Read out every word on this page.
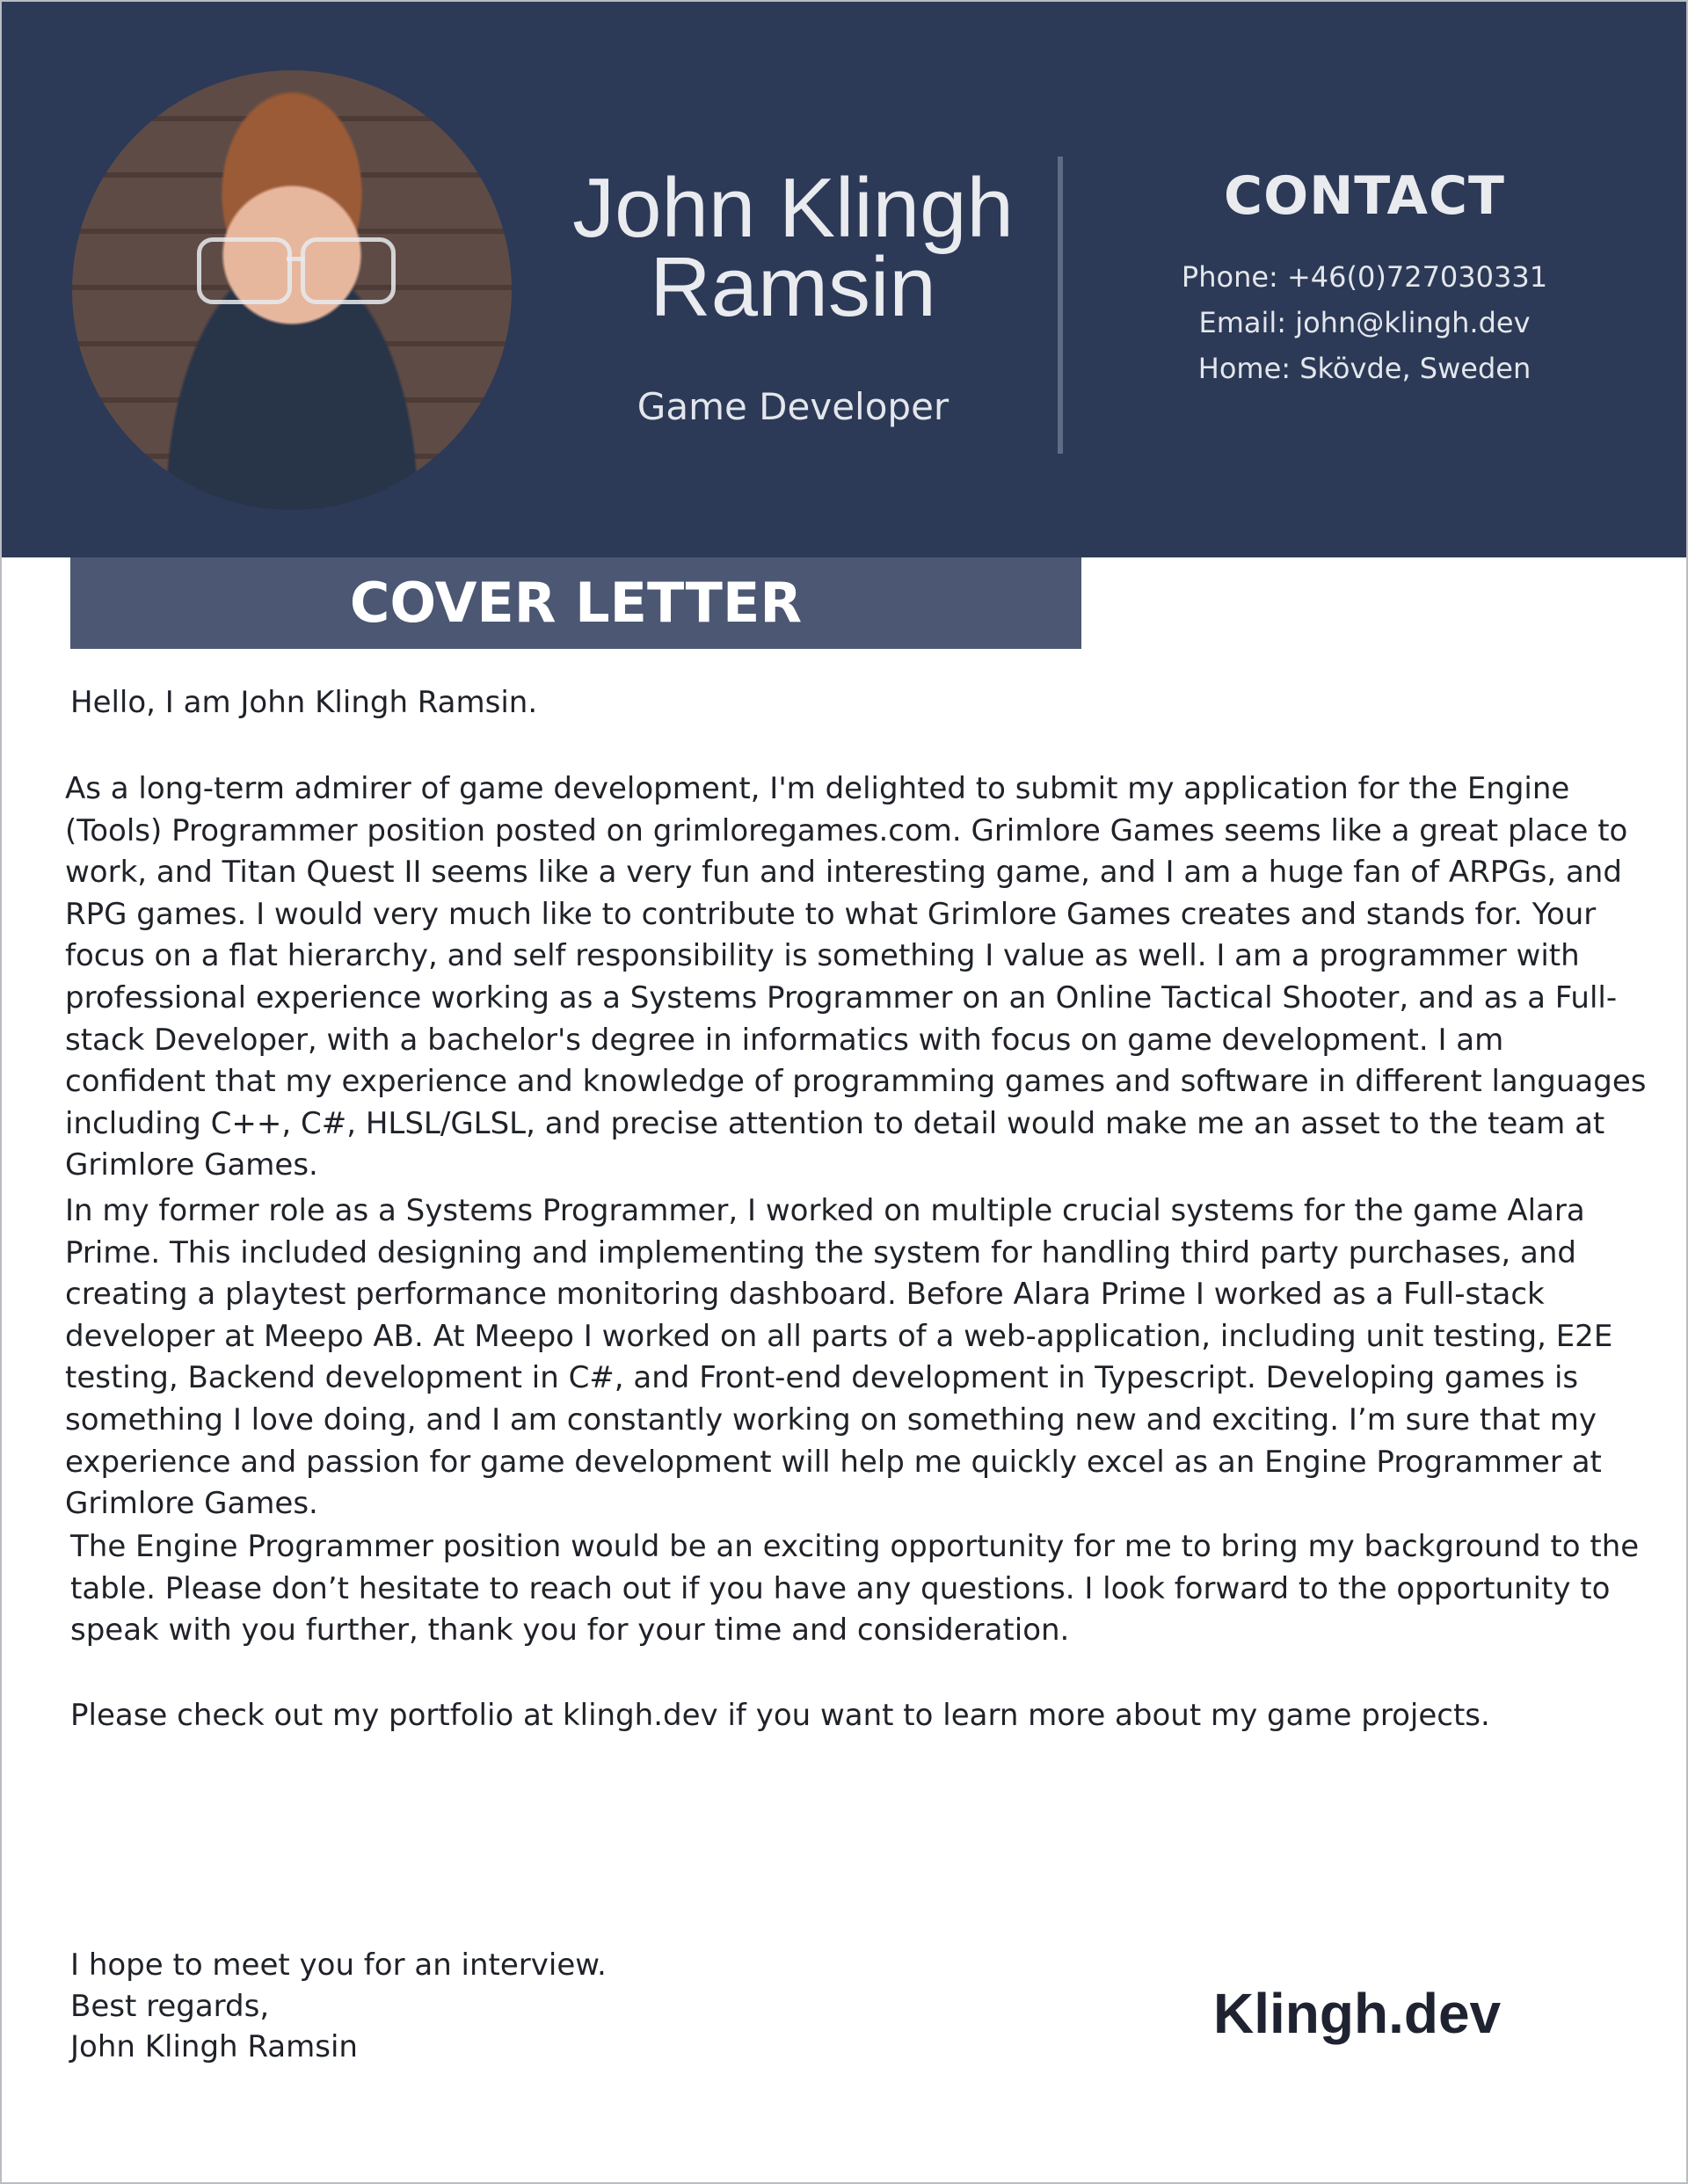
John Klingh
Ramsin
Game Developer
CONTACT
Phone: +46(0)727030331
Email: john@klingh.dev
Home: Skövde, Sweden
COVER LETTER

Hello, I am John Klingh Ramsin.

As a long-term admirer of game development, I'm delighted to submit my application for the Engine (Tools) Programmer position posted on grimloregames.com. Grimlore Games seems like a great place to work, and Titan Quest II seems like a very fun and interesting game, and I am a huge fan of ARPGs, and RPG games. I would very much like to contribute to what Grimlore Games creates and stands for. Your focus on a flat hierarchy, and self responsibility is something I value as well. I am a programmer with professional experience working as a Systems Programmer on an Online Tactical Shooter, and as a Full-stack Developer, with a bachelor's degree in informatics with focus on game development. I am confident that my experience and knowledge of programming games and software in different languages including C++, C#, HLSL/GLSL, and precise attention to detail would make me an asset to the team at Grimlore Games.

In my former role as a Systems Programmer, I worked on multiple crucial systems for the game Alara Prime. This included designing and implementing the system for handling third party purchases, and creating a playtest performance monitoring dashboard. Before Alara Prime I worked as a Full-stack developer at Meepo AB. At Meepo I worked on all parts of a web-application, including unit testing, E2E testing, Backend development in C#, and Front-end development in Typescript. Developing games is something I love doing, and I am constantly working on something new and exciting. I’m sure that my experience and passion for game development will help me quickly excel as an Engine Programmer at Grimlore Games.

The Engine Programmer position would be an exciting opportunity for me to bring my background to the table. Please don’t hesitate to reach out if you have any questions. I look forward to the opportunity to speak with you further, thank you for your time and consideration.

Please check out my portfolio at klingh.dev if you want to learn more about my game projects.

I hope to meet you for an interview.
Best regards,
John Klingh Ramsin
Klingh.dev
